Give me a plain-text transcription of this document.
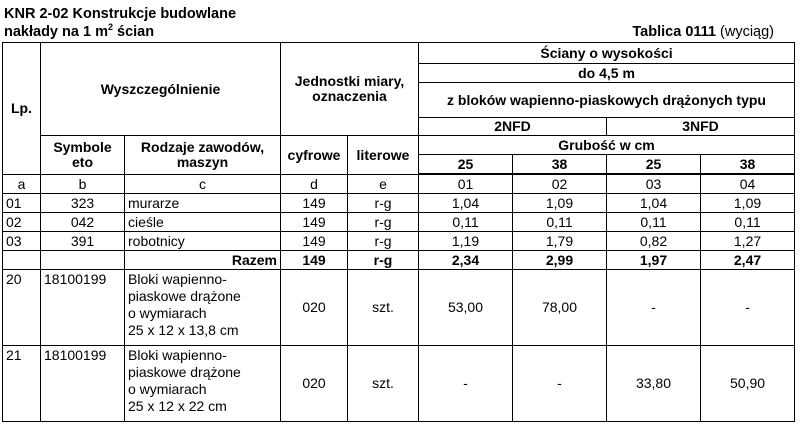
KNR 2-02 Konstrukcje budowlane
nakłady na 1 $m^2$ ścian	Tablica 0111 (wyciąg)
Lp.	Wyszczególnienie		Jednostki miary, oznaczenia		Ściany o wysokości			
					do 4,5 m			
					z bloków wapienno-piaskowych drążonych typu			
					2NFD		3NFD	
	Symbole eto	Rodzaje zawodów, maszyn	cyfrowe	literowe	Grubość w cm			
					25	38	25	38

a	b	c	d	e	01	02	03	04
01	323	murarze	149	r-g	1,04	1,09	1,04	1,09
02	042	cieśle	149	r-g	0,11	0,11	0,11	0,11
03	391	robotnicy	149	r-g	1,19	1,79	0,82	1,27
		Razem	149	r-g	2,34	2,99	1,97	2,47
20	18100199	Bloki wapienno-
piaskowe drążone
o wymiarach
25 x 12 x 13,8 cm	020	szt.	53,00	78,00	-	-
21	18100199	Bloki wapienno-
piaskowe drążone
o wymiarach
25 x 12 x 22 cm	020	szt.	-	-	33,80	50,90
